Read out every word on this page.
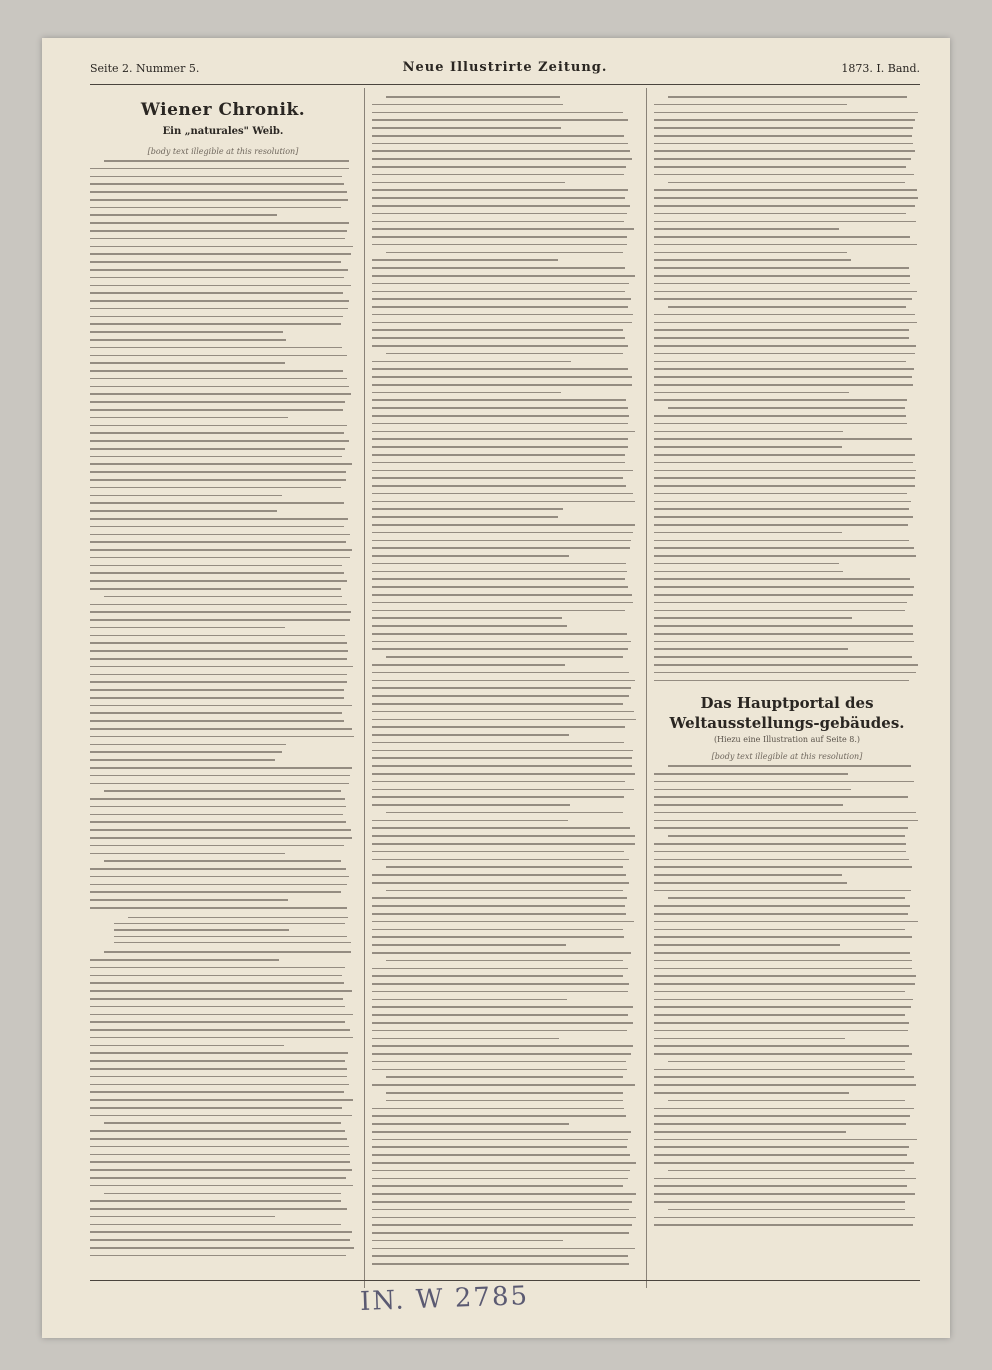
Seite 2. Nummer 5.	Neue Illustrirte Zeitung.	1873. I. Band.
Wiener Chronik.
Ein „naturales" Weib.
[body text illegible at this resolution]
Das Hauptportal des Weltausstellungs-gebäudes.
(Hiezu eine Illustration auf Seite 8.)
[body text illegible at this resolution]
IN. W 2785
